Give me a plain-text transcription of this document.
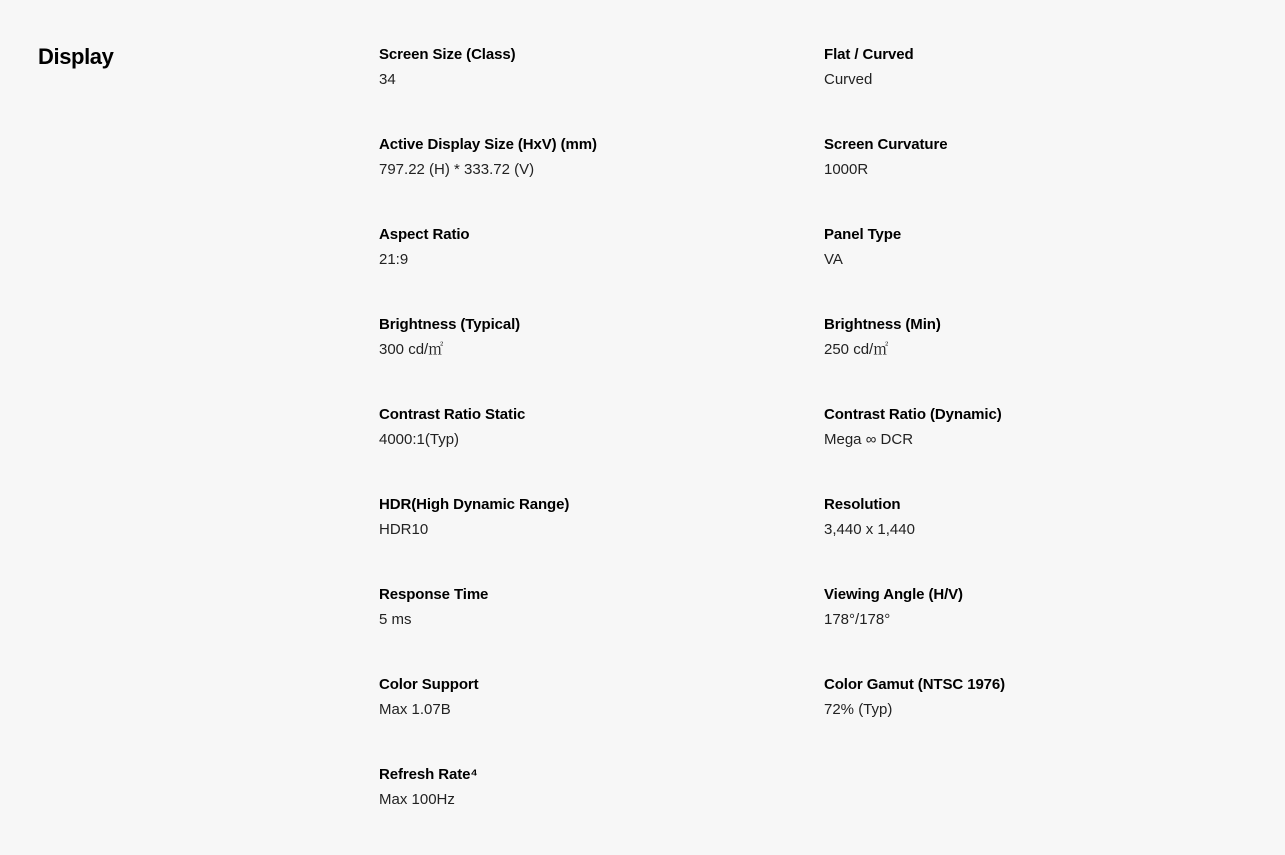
Display	Screen Size (Class)
34
Flat / Curved
Curved
Active Display Size (HxV) (mm)
797.22 (H) * 333.72 (V)
Screen Curvature
1000R
Aspect Ratio
21:9
Panel Type
VA
Brightness (Typical)
300 cd/㎡
Brightness (Min)
250 cd/㎡
Contrast Ratio Static
4000:1(Typ)
Contrast Ratio (Dynamic)
Mega ∞ DCR
HDR(High Dynamic Range)
HDR10
Resolution
3,440 x 1,440
Response Time
5 ms
Viewing Angle (H/V)
178°/178°
Color Support
Max 1.07B
Color Gamut (NTSC 1976)
72% (Typ)
Refresh Rate⁴
Max 100Hz
